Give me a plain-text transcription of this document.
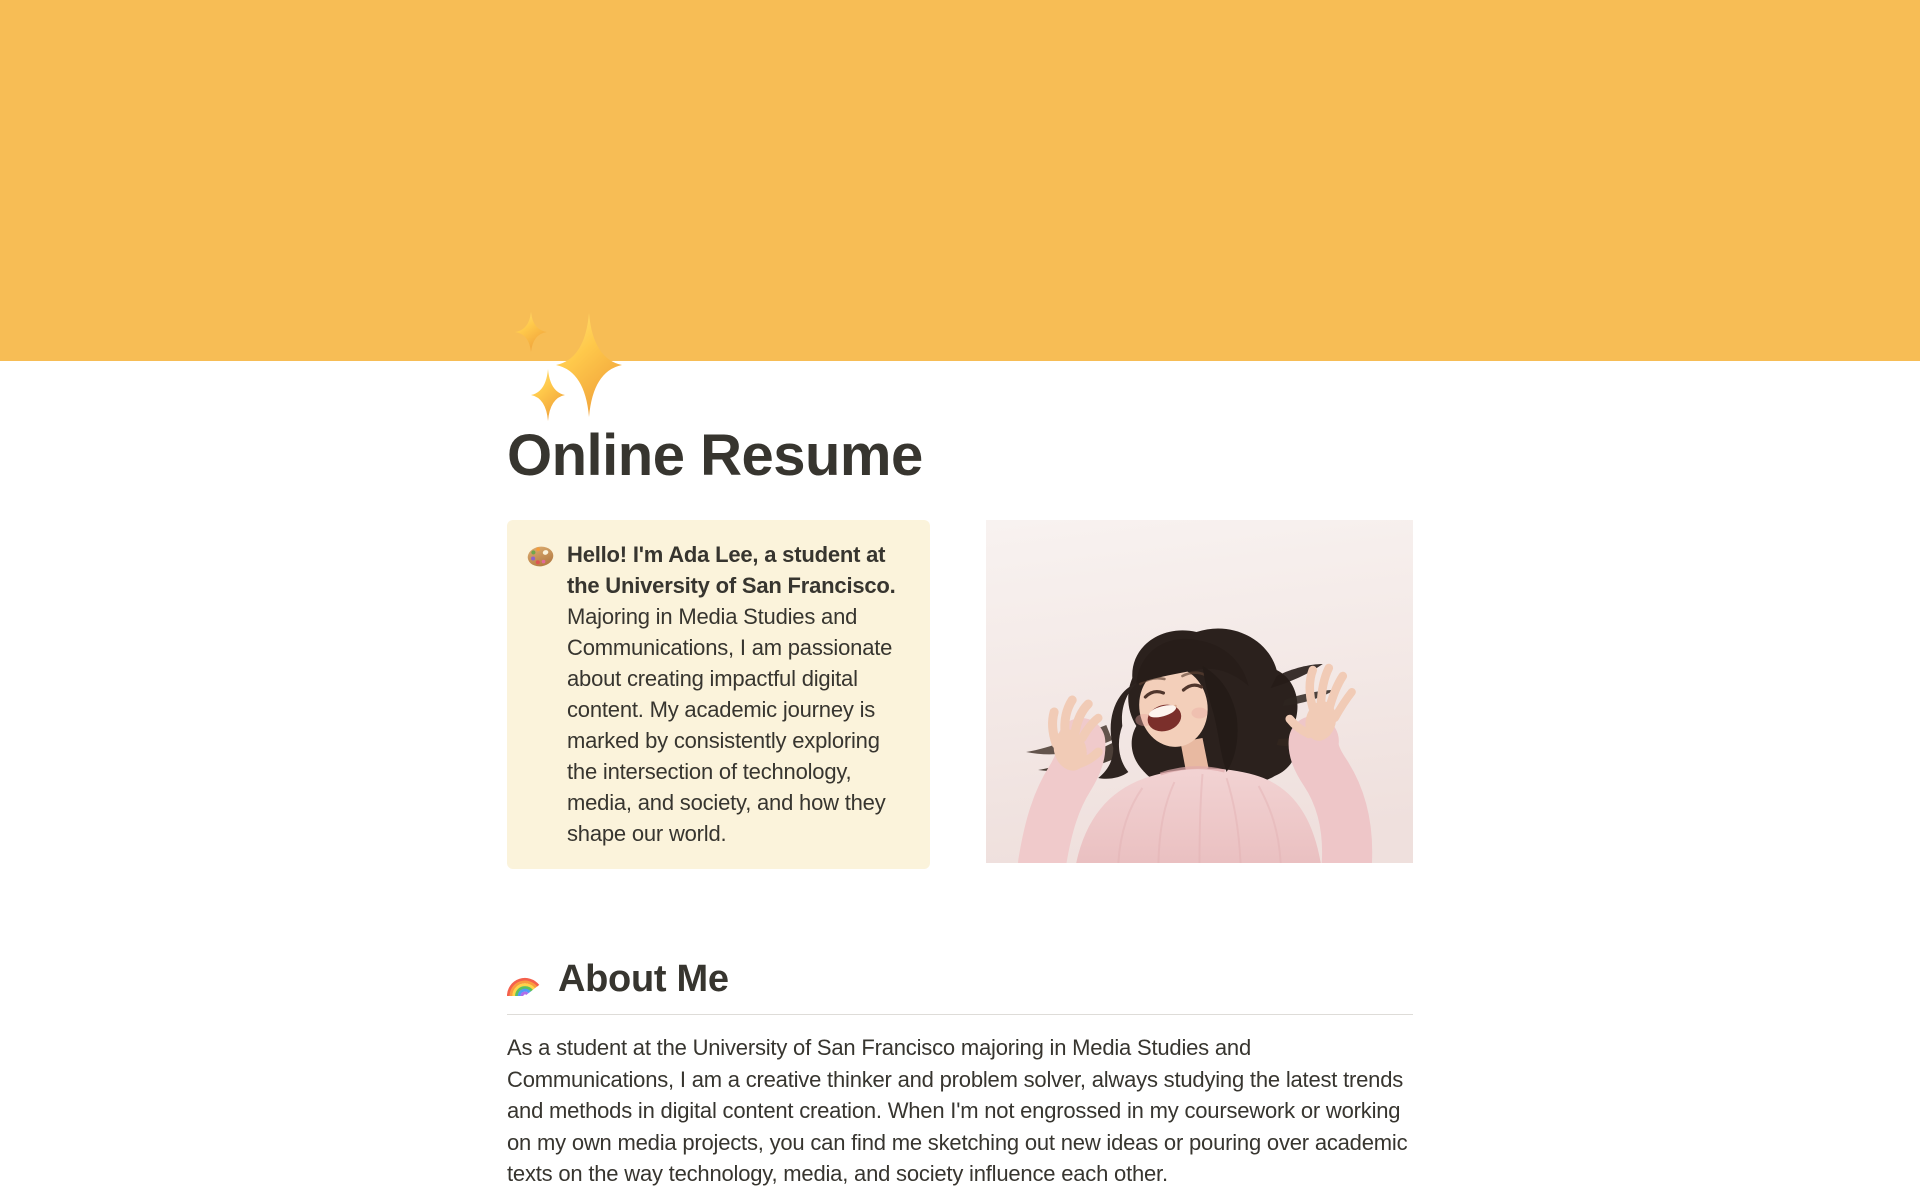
Online Resume

Hello! I'm Ada Lee, a student at the University of San Francisco. Majoring in Media Studies and Communications, I am passionate about creating impactful digital content. My academic journey is marked by consistently exploring the intersection of technology, media, and society, and how they shape our world.

About Me

As a student at the University of San Francisco majoring in Media Studies and Communications, I am a creative thinker and problem solver, always studying the latest trends and methods in digital content creation. When I'm not engrossed in my coursework or working on my own media projects, you can find me sketching out new ideas or pouring over academic texts on the way technology, media, and society influence each other.
